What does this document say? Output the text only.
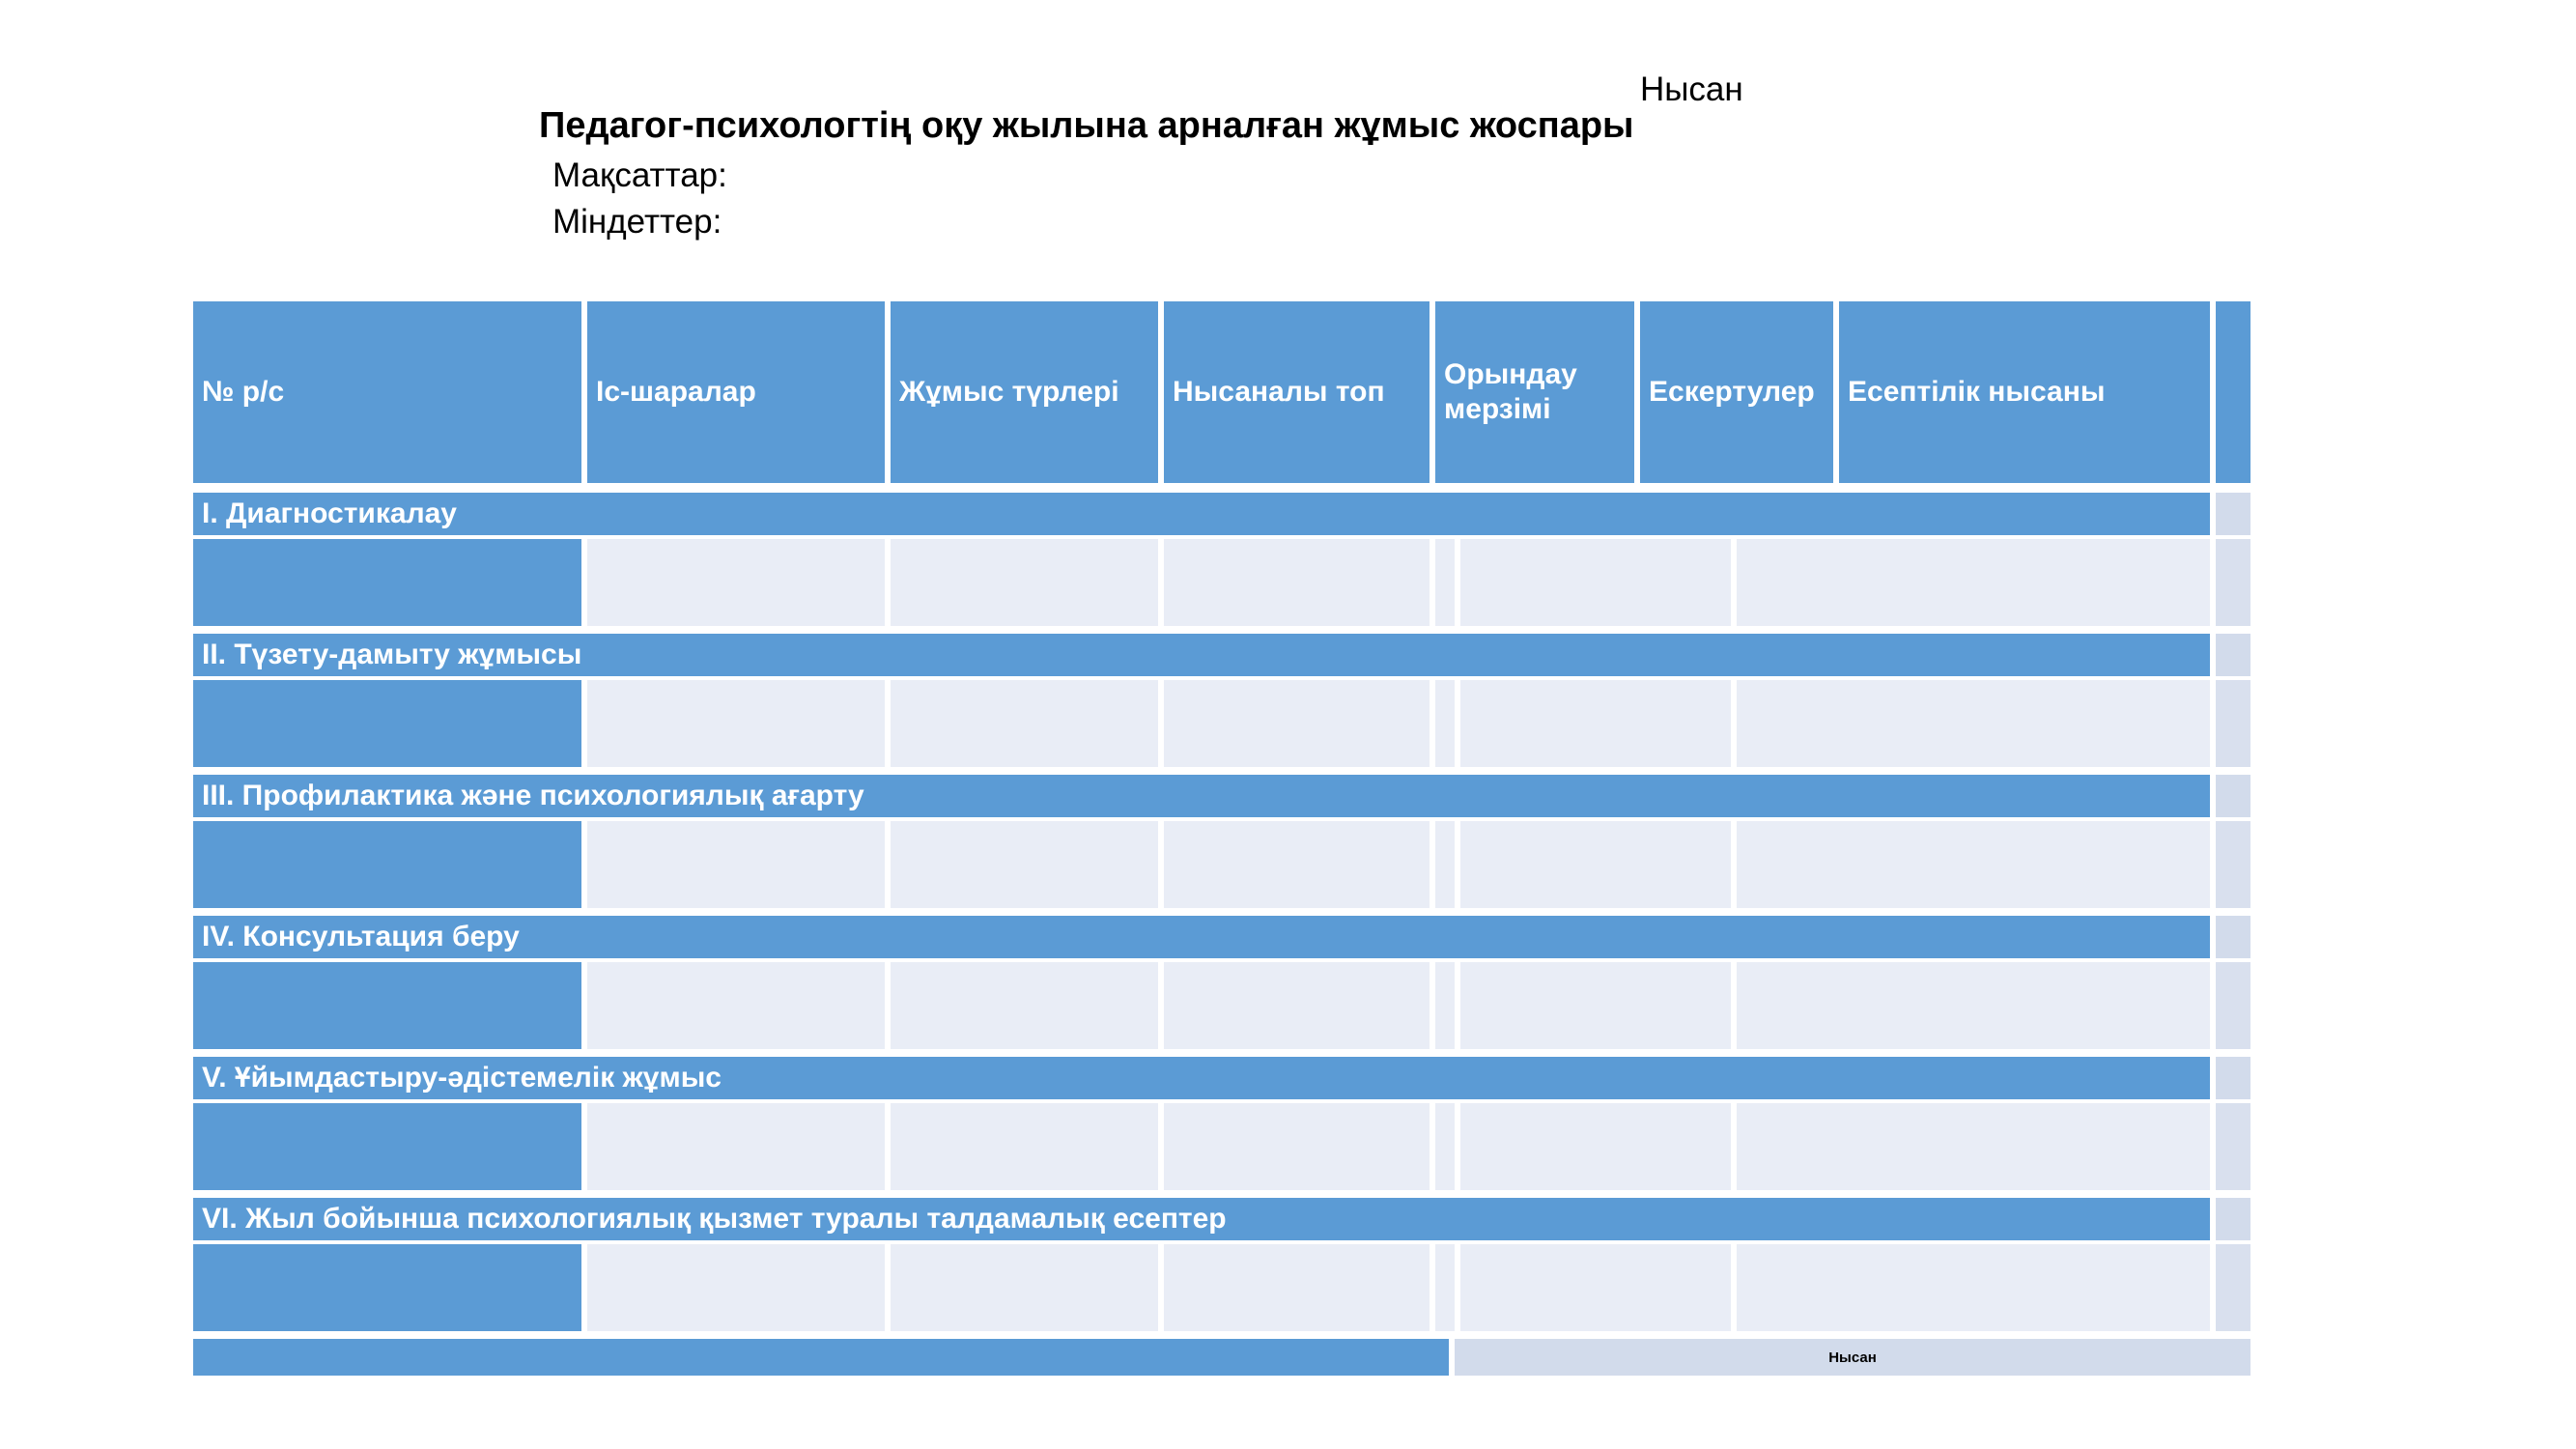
Нысан
Педагог-психологтің оқу жылына арналған жұмыс жоспары
Мақсаттар:
Міндеттер:
№ р/с	Іс-шаралар	Жұмыс түрлері Нысаналы топ
Орындау мерзімі
Ескертулер Есептілік нысаны
I. Диагностикалау
II. Түзету-дамыту жұмысы
III. Профилактика және психологиялық ағарту
IV. Консультация беру
V. Ұйымдастыру-әдістемелік жұмыс
VI. Жыл бойынша психологиялық қызмет туралы талдамалық есептер
Нысан
